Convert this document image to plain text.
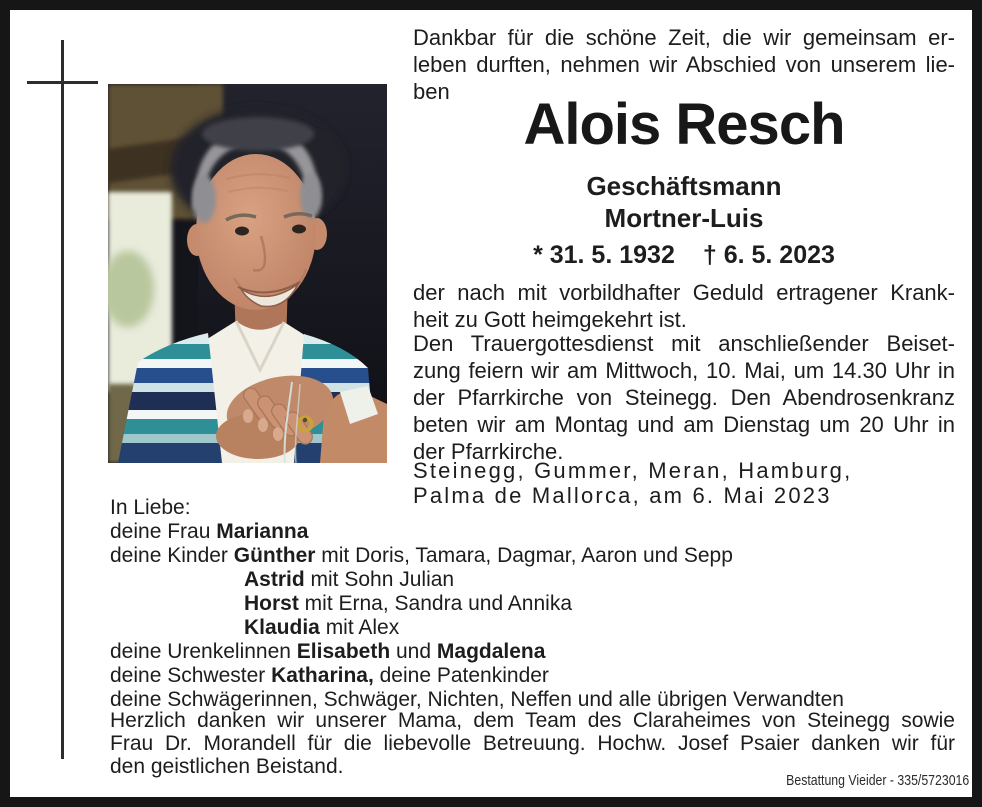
Dankbar für die schöne Zeit, die wir gemeinsam er-
leben durften, nehmen wir Abschied von unserem lie-
ben
Alois Resch
Geschäftsmann
Mortner-Luis
* 31. 5. 1932 † 6. 5. 2023
der nach mit vorbildhafter Geduld ertragener Krank-
heit zu Gott heimgekehrt ist.
Den Trauergottesdienst mit anschließender Beiset-
zung feiern wir am Mittwoch, 10. Mai, um 14.30 Uhr in
der Pfarrkirche von Steinegg. Den Abendrosenkranz
beten wir am Montag und am Dienstag um 20 Uhr in
der Pfarrkirche.
Steinegg, Gummer, Meran, Hamburg,
Palma de Mallorca, am 6. Mai 2023
In Liebe:
deine Frau Marianna
deine Kinder Günther mit Doris, Tamara, Dagmar, Aaron und Sepp
Astrid mit Sohn Julian
Horst mit Erna, Sandra und Annika
Klaudia mit Alex
deine Urenkelinnen Elisabeth und Magdalena
deine Schwester Katharina, deine Patenkinder
deine Schwägerinnen, Schwäger, Nichten, Neffen und alle übrigen Verwandten
Herzlich danken wir unserer Mama, dem Team des Claraheimes von Steinegg sowie
Frau Dr. Morandell für die liebevolle Betreuung. Hochw. Josef Psaier danken wir für
den geistlichen Beistand.
Bestattung Vieider - 335/5723016
